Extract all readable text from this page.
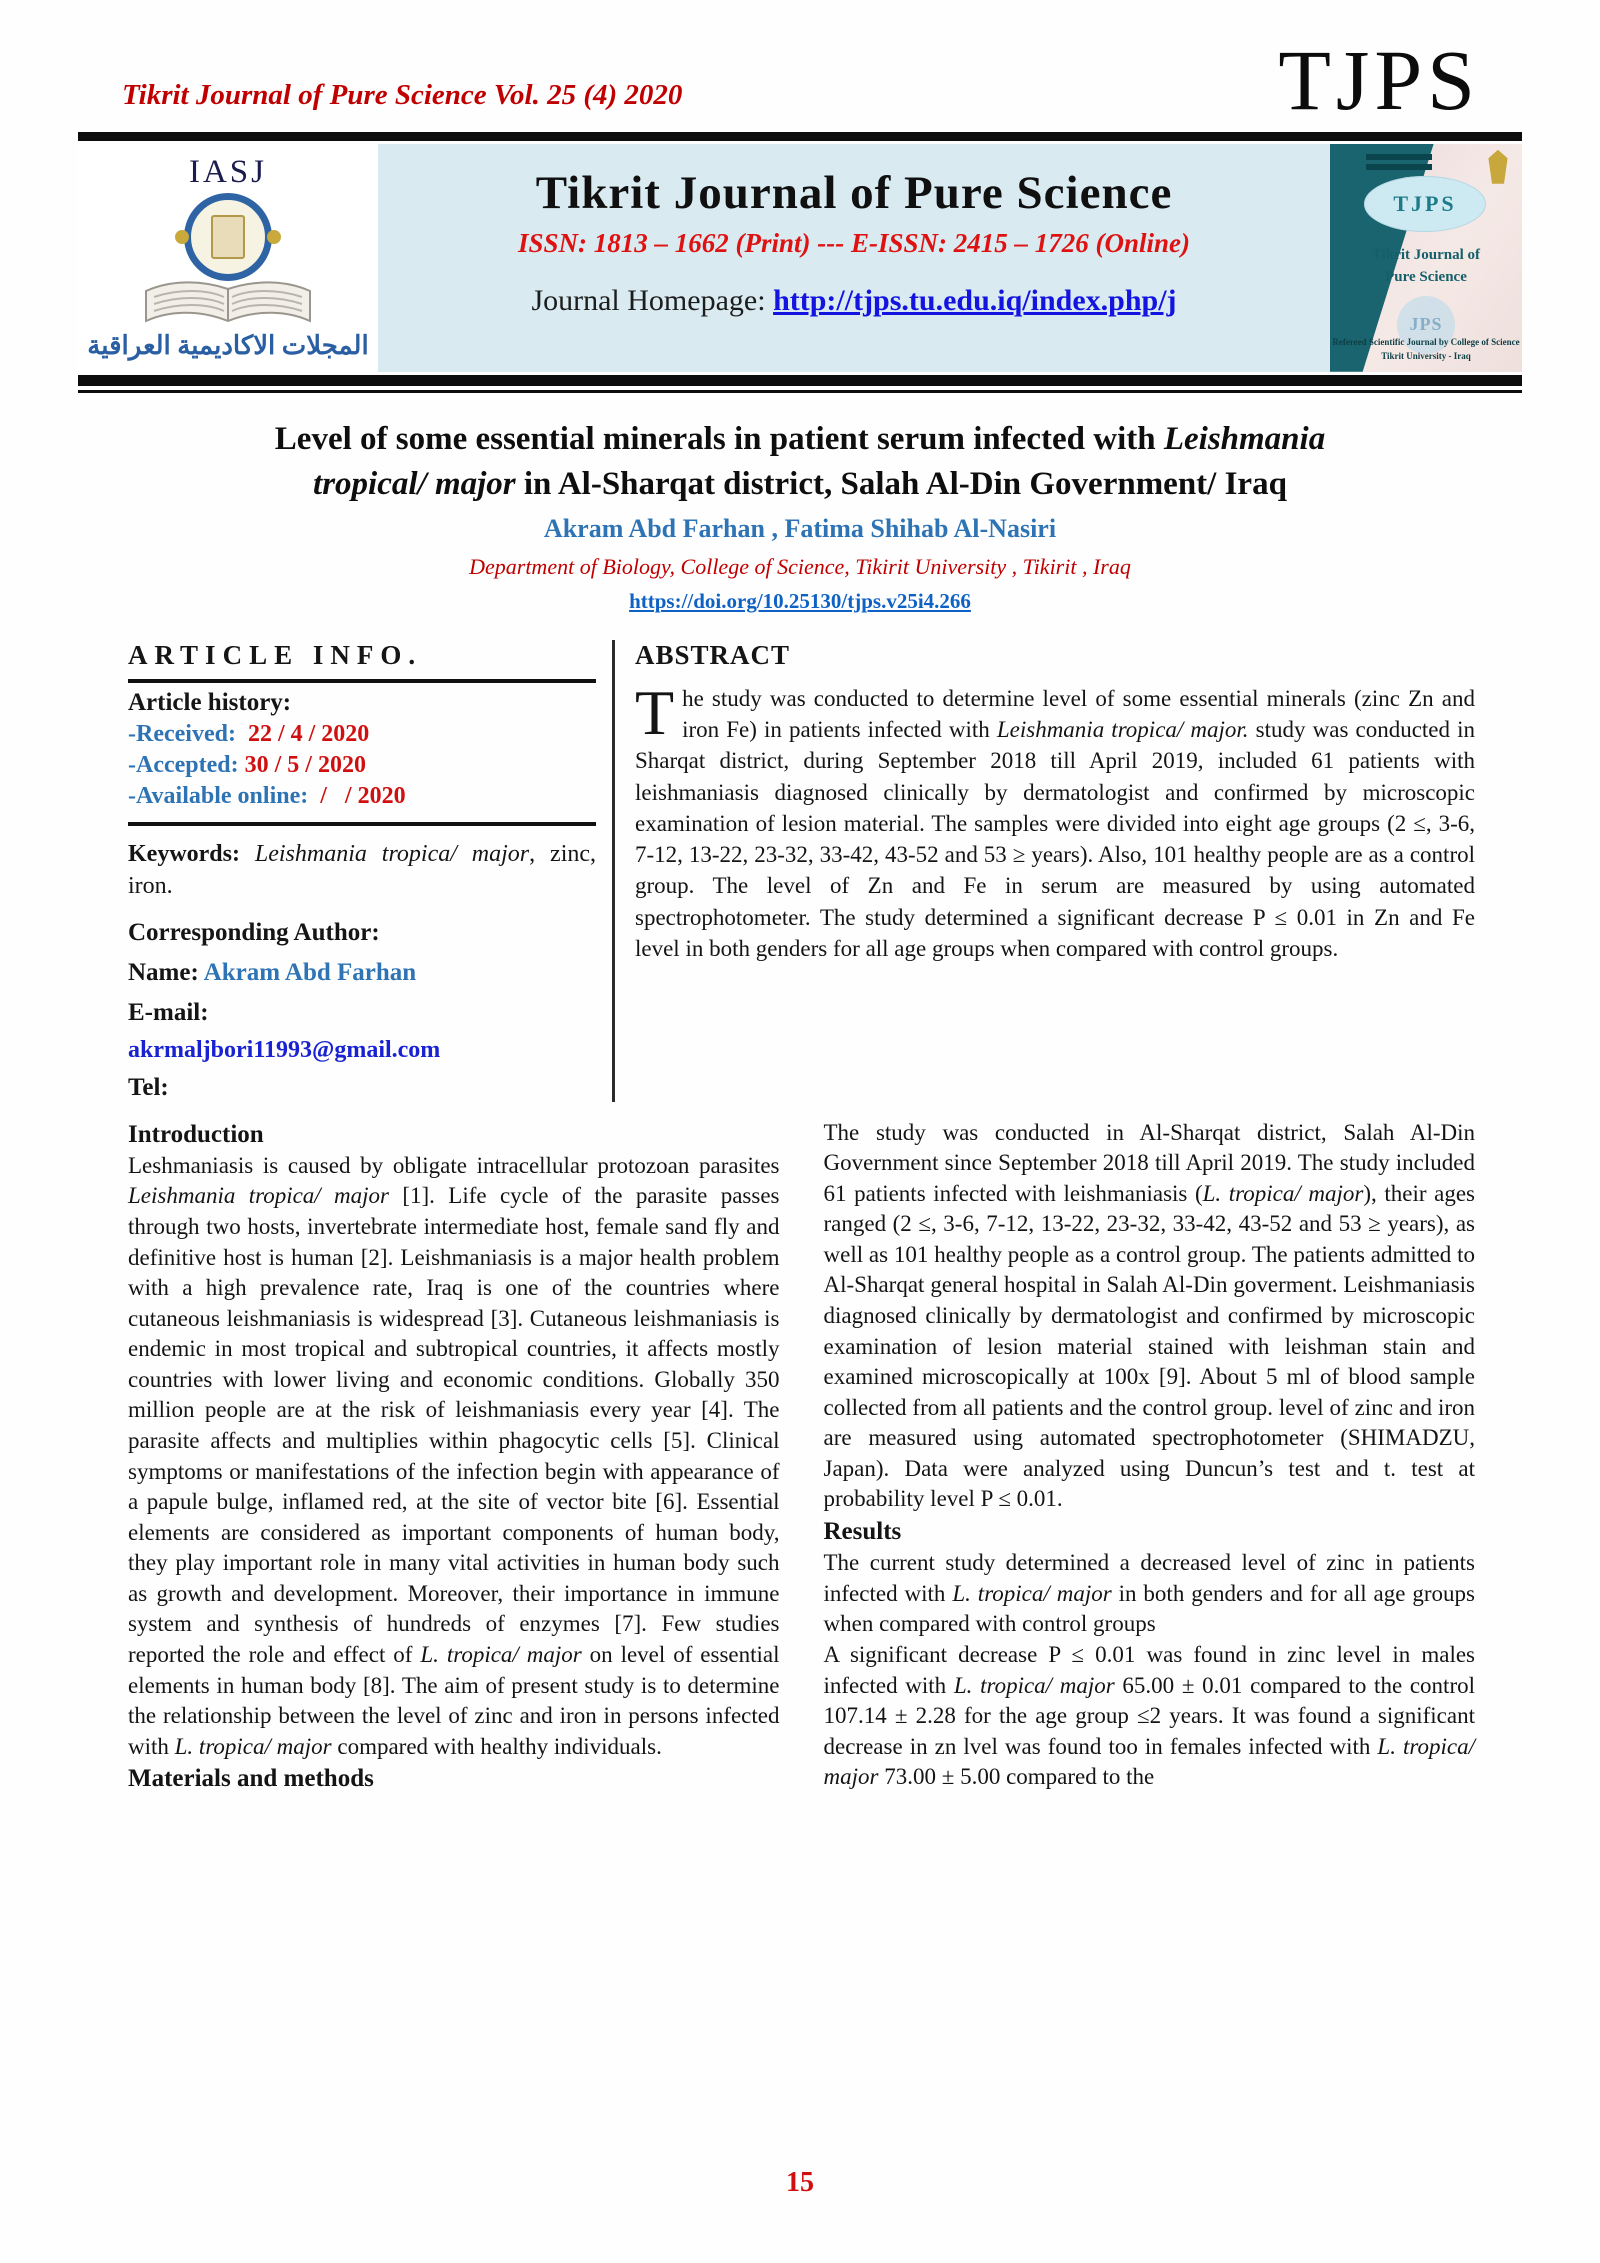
Tikrit Journal of Pure Science Vol. 25 (4) 2020	TJPS
IASJ
المجلات الاكاديمية العراقية
Tikrit Journal of Pure Science
ISSN: 1813 – 1662 (Print) --- E-ISSN: 2415 – 1726 (Online)
Journal Homepage: http://tjps.tu.edu.iq/index.php/j
TJPS
Tikrit Journal of
Pure Science
JPS
Refereed Scientific Journal by College of Science
Tikrit University - Iraq
Level of some essential minerals in patient serum infected with Leishmania
tropical/ major in Al-Sharqat district, Salah Al-Din Government/ Iraq
Akram Abd Farhan , Fatima Shihab Al-Nasiri
Department of Biology, College of Science, Tikirit University , Tikirit , Iraq
https://doi.org/10.25130/tjps.v25i4.266
ARTICLE INFO.
Article history:
-Received:  22 / 4 / 2020
-Accepted: 30 / 5 / 2020
-Available online:  /   / 2020
Keywords: Leishmania tropica/ major, zinc, iron.
Corresponding Author:
Name: Akram Abd Farhan
E-mail:
akrmaljbori11993@gmail.com
Tel:
ABSTRACT
The study was conducted to determine level of some essential minerals (zinc Zn and iron Fe) in patients infected with Leishmania tropica/ major. study was conducted in Sharqat district, during September 2018 till April 2019, included 61 patients with leishmaniasis diagnosed clinically by dermatologist and confirmed by microscopic examination of lesion material. The samples were divided into eight age groups (2 ≤, 3-6, 7-12, 13-22, 23-32, 33-42, 43-52 and 53 ≥ years). Also, 101 healthy people are as a control group. The level of Zn and Fe in serum are measured by using automated spectrophotometer. The study determined a significant decrease P ≤ 0.01 in Zn and Fe level in both genders for all age groups when compared with control groups.
Introduction

Leshmaniasis is caused by obligate intracellular protozoan parasites Leishmania tropica/ major [1]. Life cycle of the parasite passes through two hosts, invertebrate intermediate host, female sand fly and definitive host is human [2]. Leishmaniasis is a major health problem with a high prevalence rate, Iraq is one of the countries where cutaneous leishmaniasis is widespread [3]. Cutaneous leishmaniasis is endemic in most tropical and subtropical countries, it affects mostly countries with lower living and economic conditions. Globally 350 million people are at the risk of leishmaniasis every year [4]. The parasite affects and multiplies within phagocytic cells [5]. Clinical symptoms or manifestations of the infection begin with appearance of a papule bulge, inflamed red, at the site of vector bite [6]. Essential elements are considered as important components of human body, they play important role in many vital activities in human body such as growth and development. Moreover, their importance in immune system and synthesis of hundreds of enzymes [7]. Few studies reported the role and effect of L. tropica/ major on level of essential elements in human body [8]. The aim of present study is to determine the relationship between the level of zinc and iron in persons infected with L. tropica/ major compared with healthy individuals.

Materials and methods

The study was conducted in Al-Sharqat district, Salah Al-Din Government since September 2018 till April 2019. The study included 61 patients infected with leishmaniasis (L. tropica/ major), their ages ranged (2 ≤, 3-6, 7-12, 13-22, 23-32, 33-42, 43-52 and 53 ≥ years), as well as 101 healthy people as a control group. The patients admitted to Al-Sharqat general hospital in Salah Al-Din goverment. Leishmaniasis diagnosed clinically by dermatologist and confirmed by microscopic examination of lesion material stained with leishman stain and examined microscopically at 100x [9]. About 5 ml of blood sample collected from all patients and the control group. level of zinc and iron are measured using automated spectrophotometer (SHIMADZU, Japan). Data were analyzed using Duncun’s test and t. test at probability level P ≤ 0.01.

Results

The current study determined a decreased level of zinc in patients infected with L. tropica/ major in both genders and for all age groups when compared with control groups

A significant decrease P ≤ 0.01 was found in zinc level in males infected with L. tropica/ major 65.00 ± 0.01 compared to the control 107.14 ± 2.28 for the age group ≤2 years. It was found a significant decrease in zn lvel was found too in females infected with L. tropica/ major 73.00 ± 5.00 compared to the

15
